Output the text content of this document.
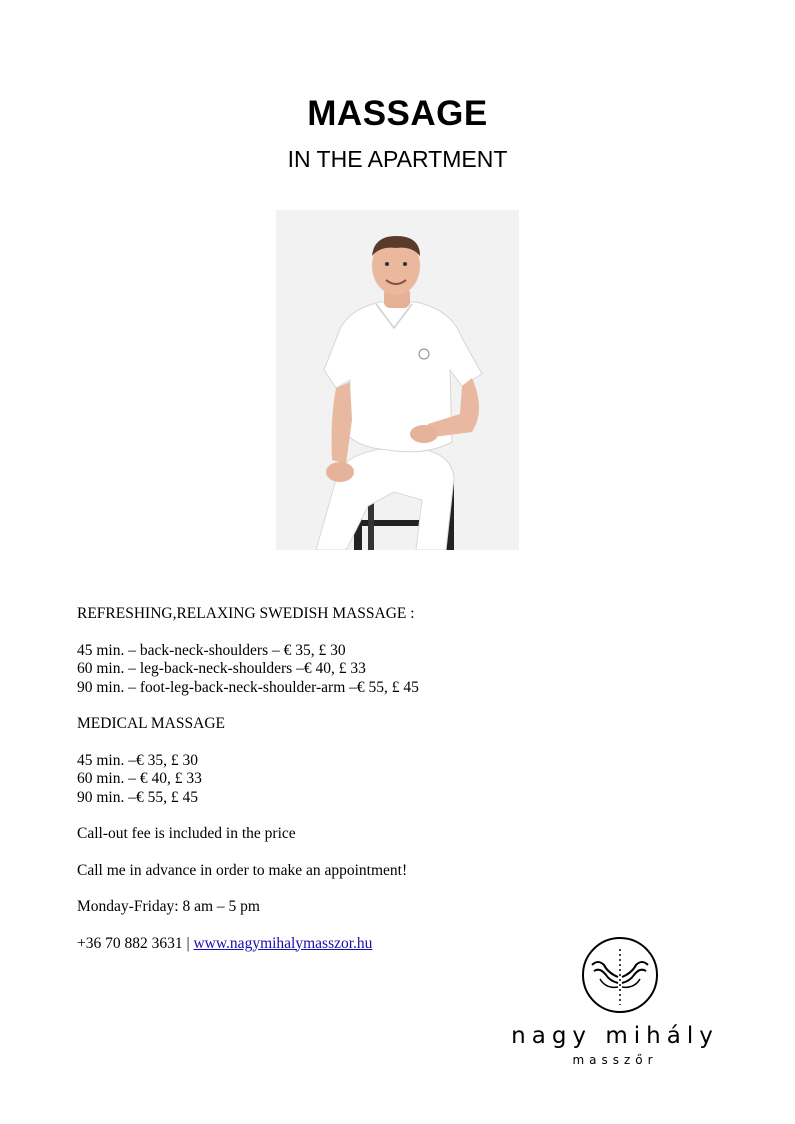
MASSAGE
IN THE APARTMENT

REFRESHING,RELAXING SWEDISH MASSAGE :

45 min. – back-neck-shoulders – € 35, £ 30
60 min. – leg-back-neck-shoulders –€ 40, £ 33
90 min. – foot-leg-back-neck-shoulder-arm –€ 55, £ 45

MEDICAL MASSAGE

45 min. –€ 35, £ 30
60 min. – € 40, £ 33
90 min. –€ 55, £ 45

Call-out fee is included in the price

Call me in advance in order to make an appointment!

Monday-Friday: 8 am – 5 pm

+36 70 882 3631 | www.nagymihalymasszor.hu

nagy mihály
masszőr
